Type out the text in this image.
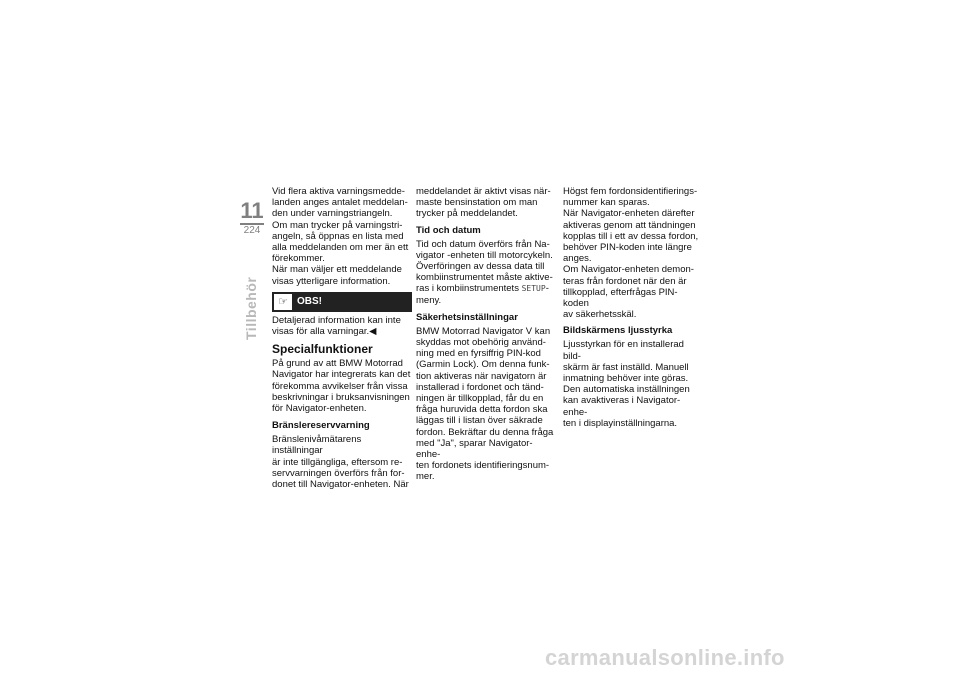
11
224
Tillbehör

Vid flera aktiva varningsmedde-
landen anges antalet meddelan-
den under varningstriangeln.
Om man trycker på varningstri-
angeln, så öppnas en lista med
alla meddelanden om mer än ett
förekommer.
När man väljer ett meddelande
visas ytterligare information.

☞ OBS!

Detaljerad information kan inte
visas för alla varningar.◀

Specialfunktioner

På grund av att BMW Motorrad
Navigator har integrerats kan det
förekomma avvikelser från vissa
beskrivningar i bruksanvisningen
för Navigator-enheten.

Bränslereservvarning

Bränslenivåmätarens inställningar
är inte tillgängliga, eftersom re-
servvarningen överförs från for-
donet till Navigator-enheten. När

meddelandet är aktivt visas när-
maste bensinstation om man
trycker på meddelandet.

Tid och datum

Tid och datum överförs från Na-
vigator -enheten till motorcykeln.
Överföringen av dessa data till
kombiinstrumentet måste aktive-
ras i kombiinstrumentets SETUP-
meny.

Säkerhetsinställningar

BMW Motorrad Navigator V kan
skyddas mot obehörig använd-
ning med en fyrsiffrig PIN-kod
(Garmin Lock). Om denna funk-
tion aktiveras när navigatorn är
installerad i fordonet och tänd-
ningen är tillkopplad, får du en
fråga huruvida detta fordon ska
läggas till i listan över säkrade
fordon. Bekräftar du denna fråga
med "Ja", sparar Navigator-enhe-
ten fordonets identifieringsnum-
mer.

Högst fem fordonsidentifierings-
nummer kan sparas.
När Navigator-enheten därefter
aktiveras genom att tändningen
kopplas till i ett av dessa fordon,
behöver PIN-koden inte längre
anges.
Om Navigator-enheten demon-
teras från fordonet när den är
tillkopplad, efterfrågas PIN-koden
av säkerhetsskäl.

Bildskärmens ljusstyrka

Ljusstyrkan för en installerad bild-
skärm är fast inställd. Manuell
inmatning behöver inte göras.
Den automatiska inställningen
kan avaktiveras i Navigator-enhe-
ten i displayinställningarna.

carmanualsonline.info
